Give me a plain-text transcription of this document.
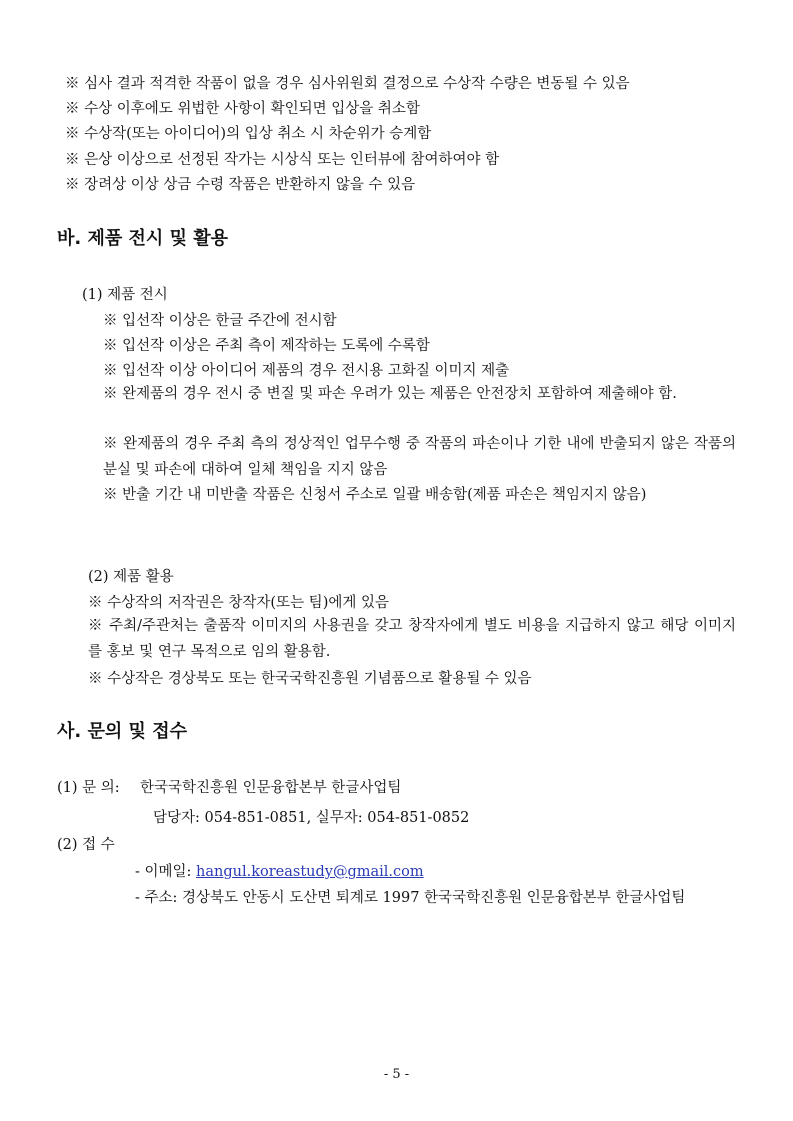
※ 심사 결과 적격한 작품이 없을 경우 심사위원회 결정으로 수상작 수량은 변동될 수 있음
※ 수상 이후에도 위법한 사항이 확인되면 입상을 취소함
※ 수상작(또는 아이디어)의 입상 취소 시 차순위가 승계함
※ 은상 이상으로 선정된 작가는 시상식 또는 인터뷰에 참여하여야 함
※ 장려상 이상 상금 수령 작품은 반환하지 않을 수 있음
바. 제품 전시 및 활용
(1) 제품 전시
※ 입선작 이상은 한글 주간에 전시함
※ 입선작 이상은 주최 측이 제작하는 도록에 수록함
※ 입선작 이상 아이디어 제품의 경우 전시용 고화질 이미지 제출
※ 완제품의 경우 전시 중 변질 및 파손 우려가 있는 제품은 안전장치 포함하여 제출해야 함.
※ 완제품의 경우 주최 측의 정상적인 업무수행 중 작품의 파손이나 기한 내에 반출되지 않은 작품의 분실 및 파손에 대하여 일체 책임을 지지 않음
※ 반출 기간 내 미반출 작품은 신청서 주소로 일괄 배송함(제품 파손은 책임지지 않음)
(2) 제품 활용
※ 수상작의 저작권은 창작자(또는 팀)에게 있음
※ 주최/주관처는 출품작 이미지의 사용권을 갖고 창작자에게 별도 비용을 지급하지 않고 해당 이미지를 홍보 및 연구 목적으로 임의 활용함.
※ 수상작은 경상북도 또는 한국국학진흥원 기념품으로 활용될 수 있음
사. 문의 및 접수
(1) 문 의: 한국국학진흥원 인문융합본부 한글사업팀
담당자: 054-851-0851, 실무자: 054-851-0852
(2) 접 수
- 이메일: hangul.koreastudy@gmail.com
- 주소: 경상북도 안동시 도산면 퇴계로 1997 한국국학진흥원 인문융합본부 한글사업팀
- 5 -
